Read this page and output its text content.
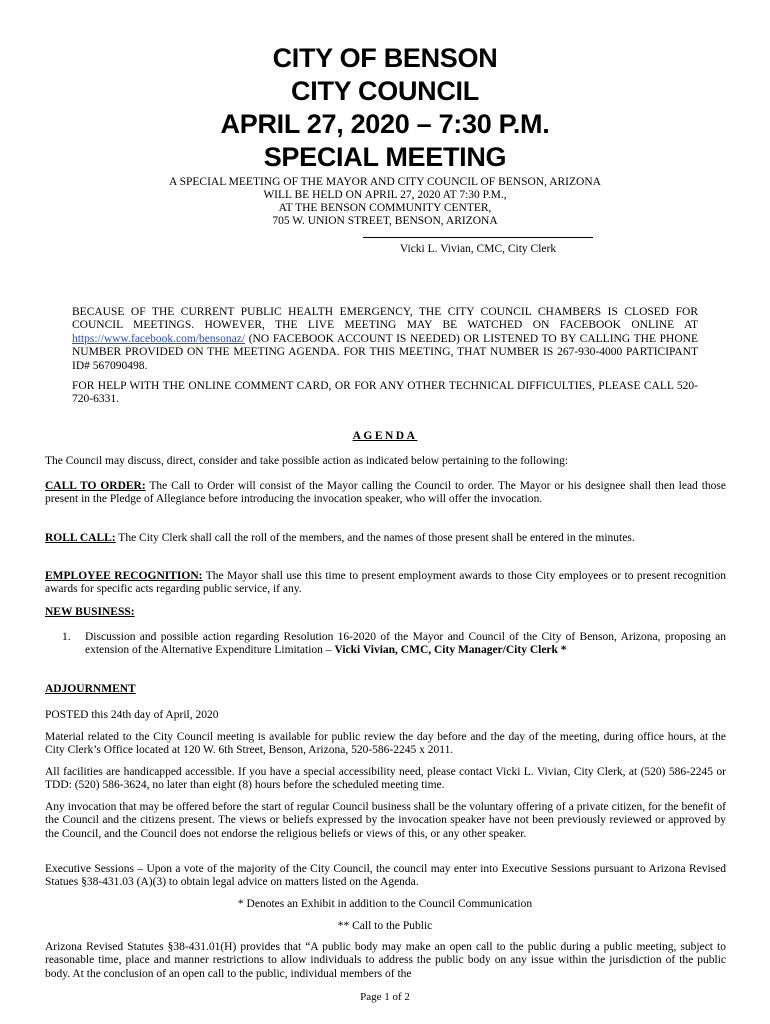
CITY OF BENSON
CITY COUNCIL
APRIL 27, 2020 – 7:30 P.M.
SPECIAL MEETING
A SPECIAL MEETING OF THE MAYOR AND CITY COUNCIL OF BENSON, ARIZONA
WILL BE HELD ON APRIL 27, 2020 AT 7:30 P.M.,
AT THE BENSON COMMUNITY CENTER,
705 W. UNION STREET, BENSON, ARIZONA
Vicki L. Vivian, CMC, City Clerk
BECAUSE OF THE CURRENT PUBLIC HEALTH EMERGENCY, THE CITY COUNCIL CHAMBERS IS CLOSED FOR COUNCIL MEETINGS. HOWEVER, THE LIVE MEETING MAY BE WATCHED ON FACEBOOK ONLINE AT https://www.facebook.com/bensonaz/ (NO FACEBOOK ACCOUNT IS NEEDED) OR LISTENED TO BY CALLING THE PHONE NUMBER PROVIDED ON THE MEETING AGENDA. FOR THIS MEETING, THAT NUMBER IS 267-930-4000 PARTICIPANT ID# 567090498.
FOR HELP WITH THE ONLINE COMMENT CARD, OR FOR ANY OTHER TECHNICAL DIFFICULTIES, PLEASE CALL 520-720-6331.
AGENDA
The Council may discuss, direct, consider and take possible action as indicated below pertaining to the following:
CALL TO ORDER: The Call to Order will consist of the Mayor calling the Council to order. The Mayor or his designee shall then lead those present in the Pledge of Allegiance before introducing the invocation speaker, who will offer the invocation.
ROLL CALL: The City Clerk shall call the roll of the members, and the names of those present shall be entered in the minutes.
EMPLOYEE RECOGNITION: The Mayor shall use this time to present employment awards to those City employees or to present recognition awards for specific acts regarding public service, if any.
NEW BUSINESS:
1. Discussion and possible action regarding Resolution 16-2020 of the Mayor and Council of the City of Benson, Arizona, proposing an extension of the Alternative Expenditure Limitation – Vicki Vivian, CMC, City Manager/City Clerk *
ADJOURNMENT
POSTED this 24th day of April, 2020
Material related to the City Council meeting is available for public review the day before and the day of the meeting, during office hours, at the City Clerk’s Office located at 120 W. 6th Street, Benson, Arizona, 520-586-2245 x 2011.
All facilities are handicapped accessible. If you have a special accessibility need, please contact Vicki L. Vivian, City Clerk, at (520) 586-2245 or TDD: (520) 586-3624, no later than eight (8) hours before the scheduled meeting time.
Any invocation that may be offered before the start of regular Council business shall be the voluntary offering of a private citizen, for the benefit of the Council and the citizens present. The views or beliefs expressed by the invocation speaker have not been previously reviewed or approved by the Council, and the Council does not endorse the religious beliefs or views of this, or any other speaker.
Executive Sessions – Upon a vote of the majority of the City Council, the council may enter into Executive Sessions pursuant to Arizona Revised Statues §38-431.03 (A)(3) to obtain legal advice on matters listed on the Agenda.
* Denotes an Exhibit in addition to the Council Communication
** Call to the Public
Arizona Revised Statutes §38-431.01(H) provides that “A public body may make an open call to the public during a public meeting, subject to reasonable time, place and manner restrictions to allow individuals to address the public body on any issue within the jurisdiction of the public body. At the conclusion of an open call to the public, individual members of the
Page 1 of 2
